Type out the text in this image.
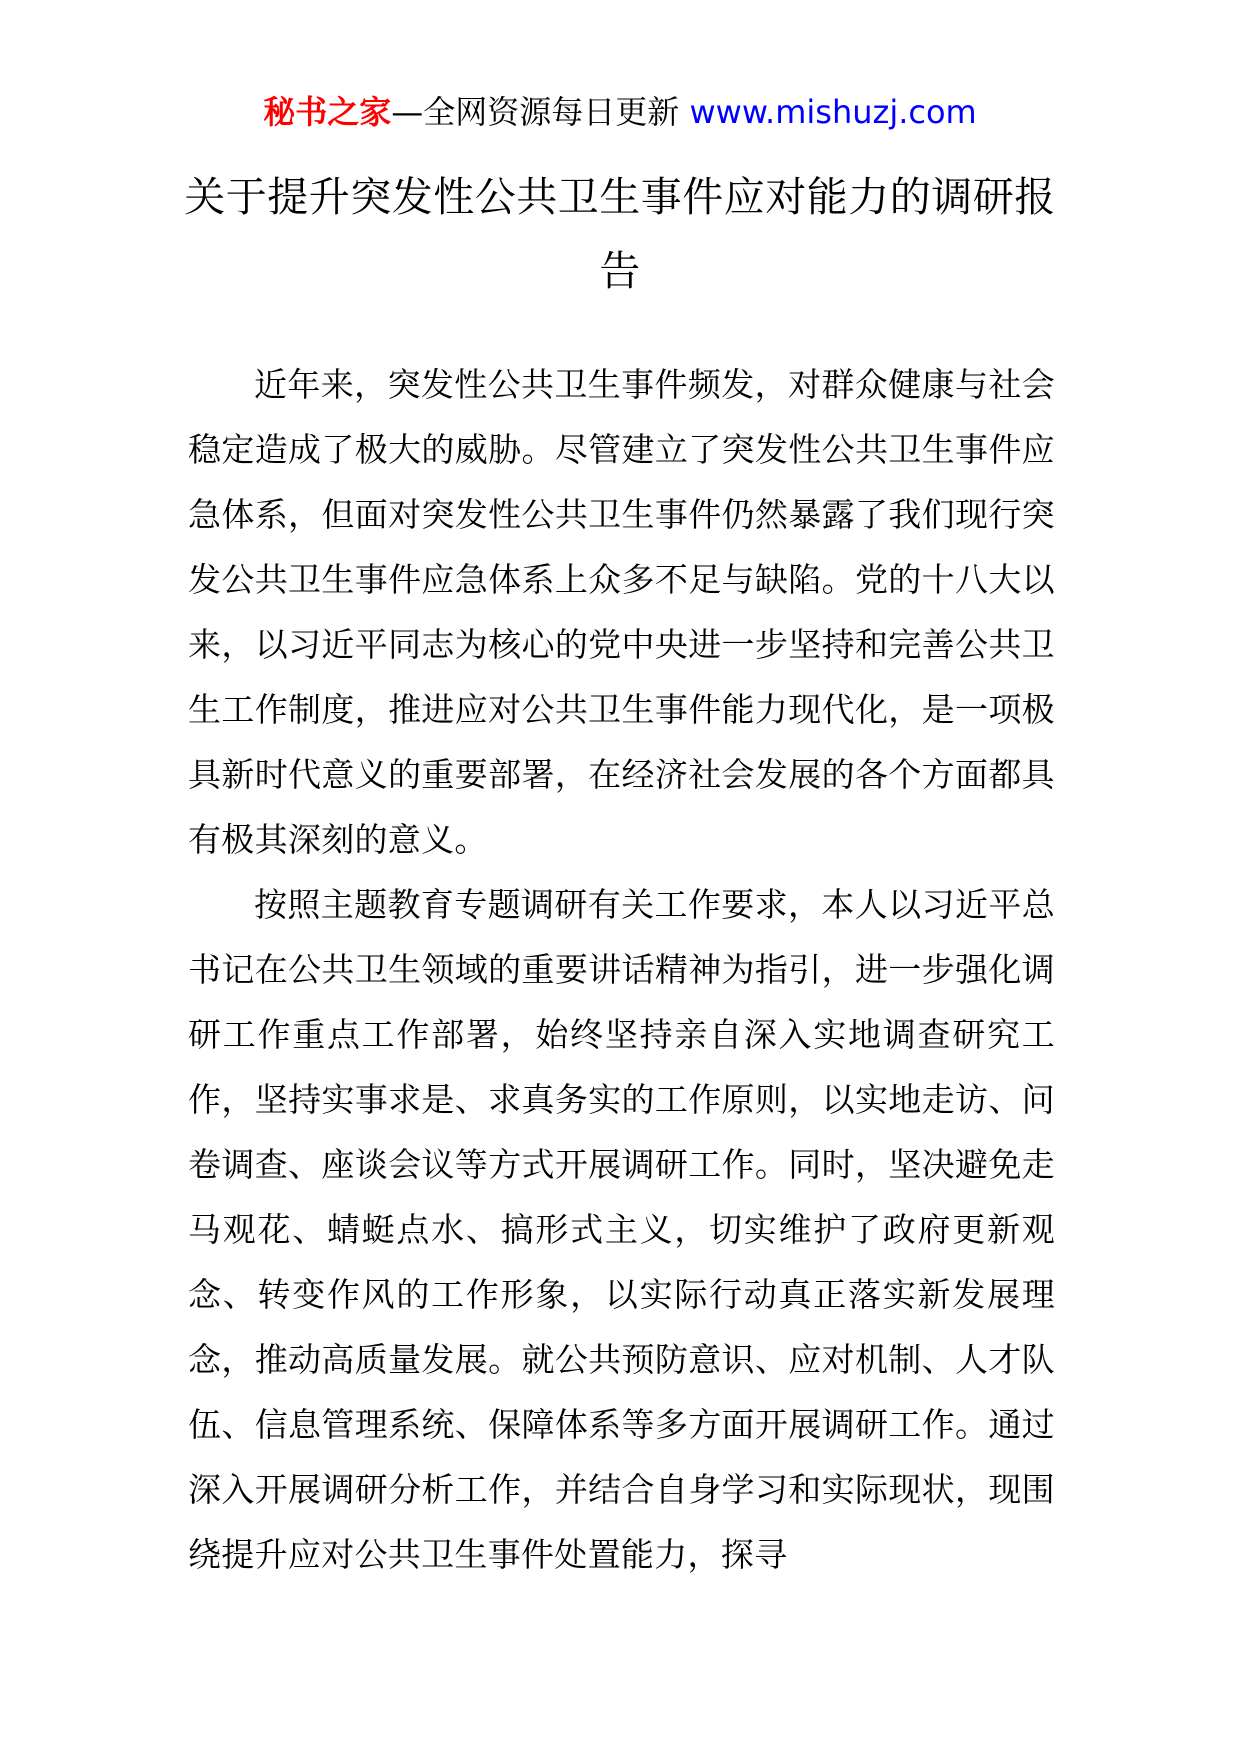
秘书之家—全网资源每日更新 www.mishuzj.com
关于提升突发性公共卫生事件应对能力的调研报告

近年来，突发性公共卫生事件频发，对群众健康与社会稳定造成了极大的威胁。尽管建立了突发性公共卫生事件应急体系，但面对突发性公共卫生事件仍然暴露了我们现行突发公共卫生事件应急体系上众多不足与缺陷。党的十八大以来，以习近平同志为核心的党中央进一步坚持和完善公共卫生工作制度，推进应对公共卫生事件能力现代化，是一项极具新时代意义的重要部署，在经济社会发展的各个方面都具有极其深刻的意义。

按照主题教育专题调研有关工作要求，本人以习近平总书记在公共卫生领域的重要讲话精神为指引，进一步强化调研工作重点工作部署，始终坚持亲自深入实地调查研究工作，坚持实事求是、求真务实的工作原则，以实地走访、问卷调查、座谈会议等方式开展调研工作。同时，坚决避免走马观花、蜻蜓点水、搞形式主义，切实维护了政府更新观念、转变作风的工作形象，以实际行动真正落实新发展理念，推动高质量发展。就公共预防意识、应对机制、人才队伍、信息管理系统、保障体系等多方面开展调研工作。通过深入开展调研分析工作，并结合自身学习和实际现状，现围绕提升应对公共卫生事件处置能力，探寻
